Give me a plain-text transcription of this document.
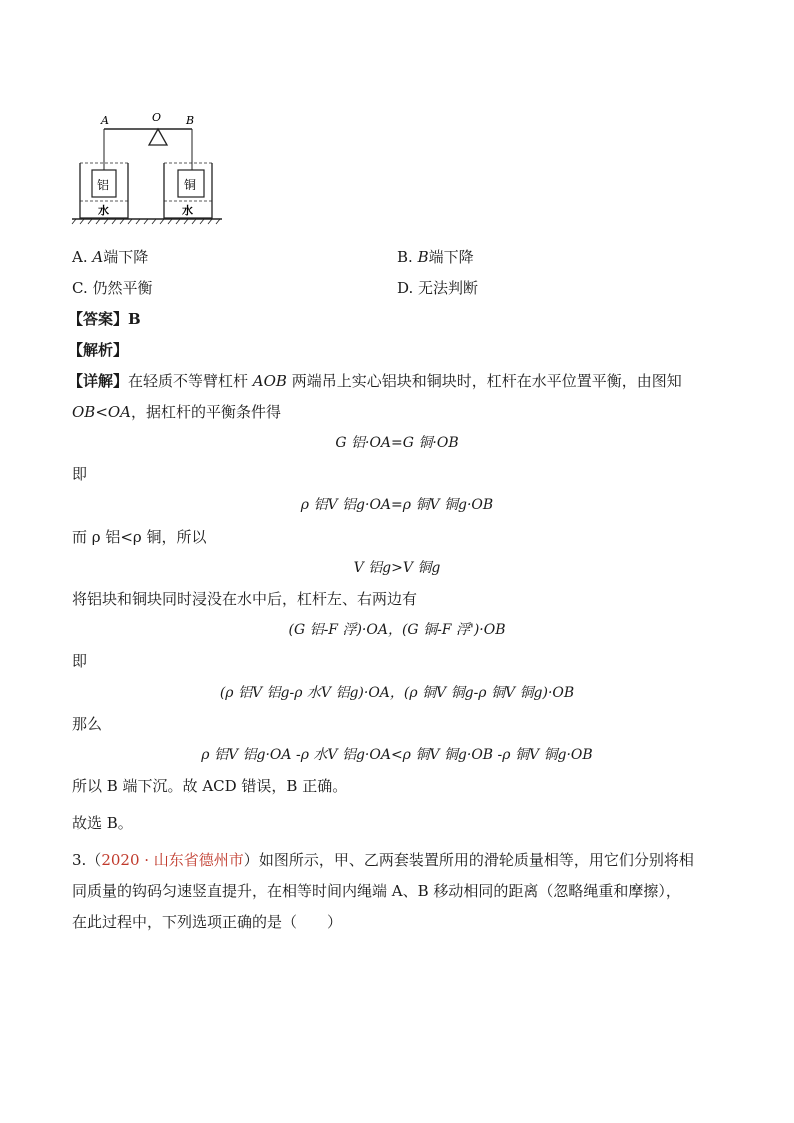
A	O B
铝	铜
水	水
A. A端下降	B. B端下降
C. 仍然平衡	D. 无法判断
【答案】B
【解析】
【详解】在轻质不等臂杠杆 AOB 两端吊上实心铝块和铜块时，杠杆在水平位置平衡，由图知
OB<OA，据杠杆的平衡条件得
G 铝·OA=G 铜·OB
即
ρ 铝V 铝g·OA=ρ 铜V 铜g·OB
而 ρ 铝<ρ 铜，所以
V 铝g>V 铜g
将铝块和铜块同时浸没在水中后，杠杆左、右两边有
(G 铝-F 浮)·OA，(G 铜-F 浮')·OB
即
(ρ 铝V 铝g-ρ 水V 铝g)·OA，(ρ 铜V 铜g-ρ 铜V 铜g)·OB
那么
ρ 铝V 铝g·OA -ρ 水V 铝g·OA<ρ 铜V 铜g·OB -ρ 铜V 铜g·OB
所以 B 端下沉。故 ACD 错误，B 正确。
故选 B。
3.（2020 · 山东省德州市）如图所示，甲、乙两套装置所用的滑轮质量相等，用它们分别将相
同质量的钩码匀速竖直提升，在相等时间内绳端 A、B 移动相同的距离（忽略绳重和摩擦），
在此过程中，下列选项正确的是（　　）
